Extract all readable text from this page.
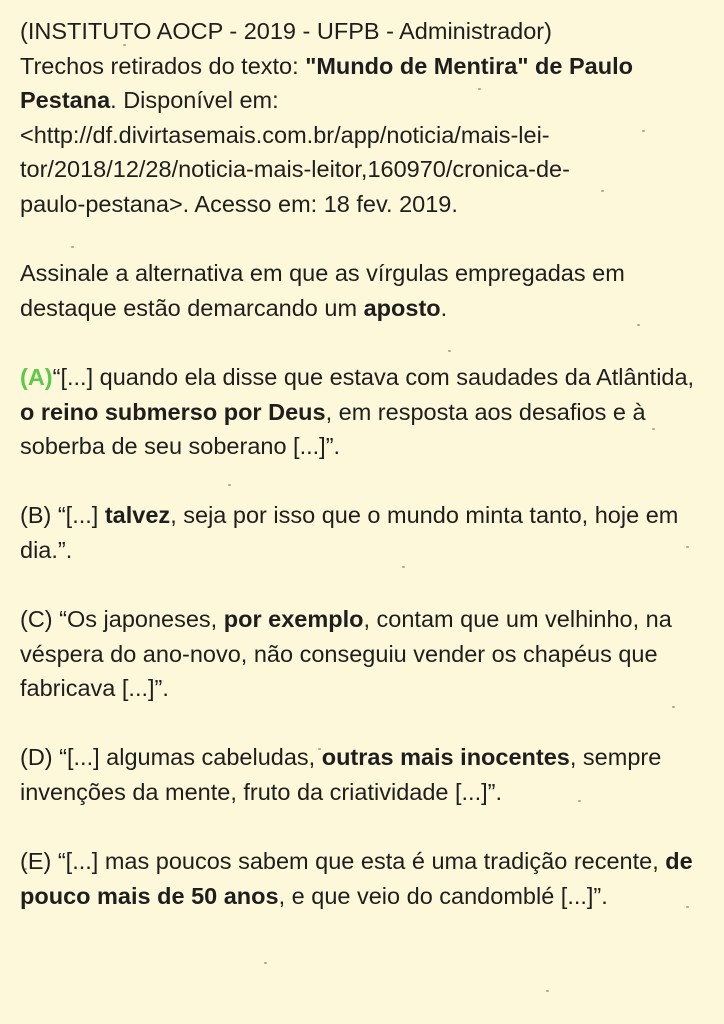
(INSTITUTO AOCP - 2019 - UFPB - Administrador)
Trechos retirados do texto: "Mundo de Mentira" de Paulo Pestana. Disponível em:
<http://df.divirtasemais.com.br/app/noticia/mais-lei-
tor/2018/12/28/noticia-mais-leitor,160970/cronica-de-
paulo-pestana>. Acesso em: 18 fev. 2019.
Assinale a alternativa em que as vírgulas empregadas em destaque estão demarcando um aposto.
(A)“[...] quando ela disse que estava com saudades da Atlântida, o reino submerso por Deus, em resposta aos desafios e à soberba de seu soberano [...]”.
(B) “[...] talvez, seja por isso que o mundo minta tanto, hoje em dia.”.
(C) “Os japoneses, por exemplo, contam que um velhinho, na véspera do ano-novo, não conseguiu vender os chapéus que fabricava [...]”.
(D) “[...] algumas cabeludas, outras mais inocentes, sempre invenções da mente, fruto da criatividade [...]”.
(E) “[...] mas poucos sabem que esta é uma tradição recente, de pouco mais de 50 anos, e que veio do candomblé [...]”.
